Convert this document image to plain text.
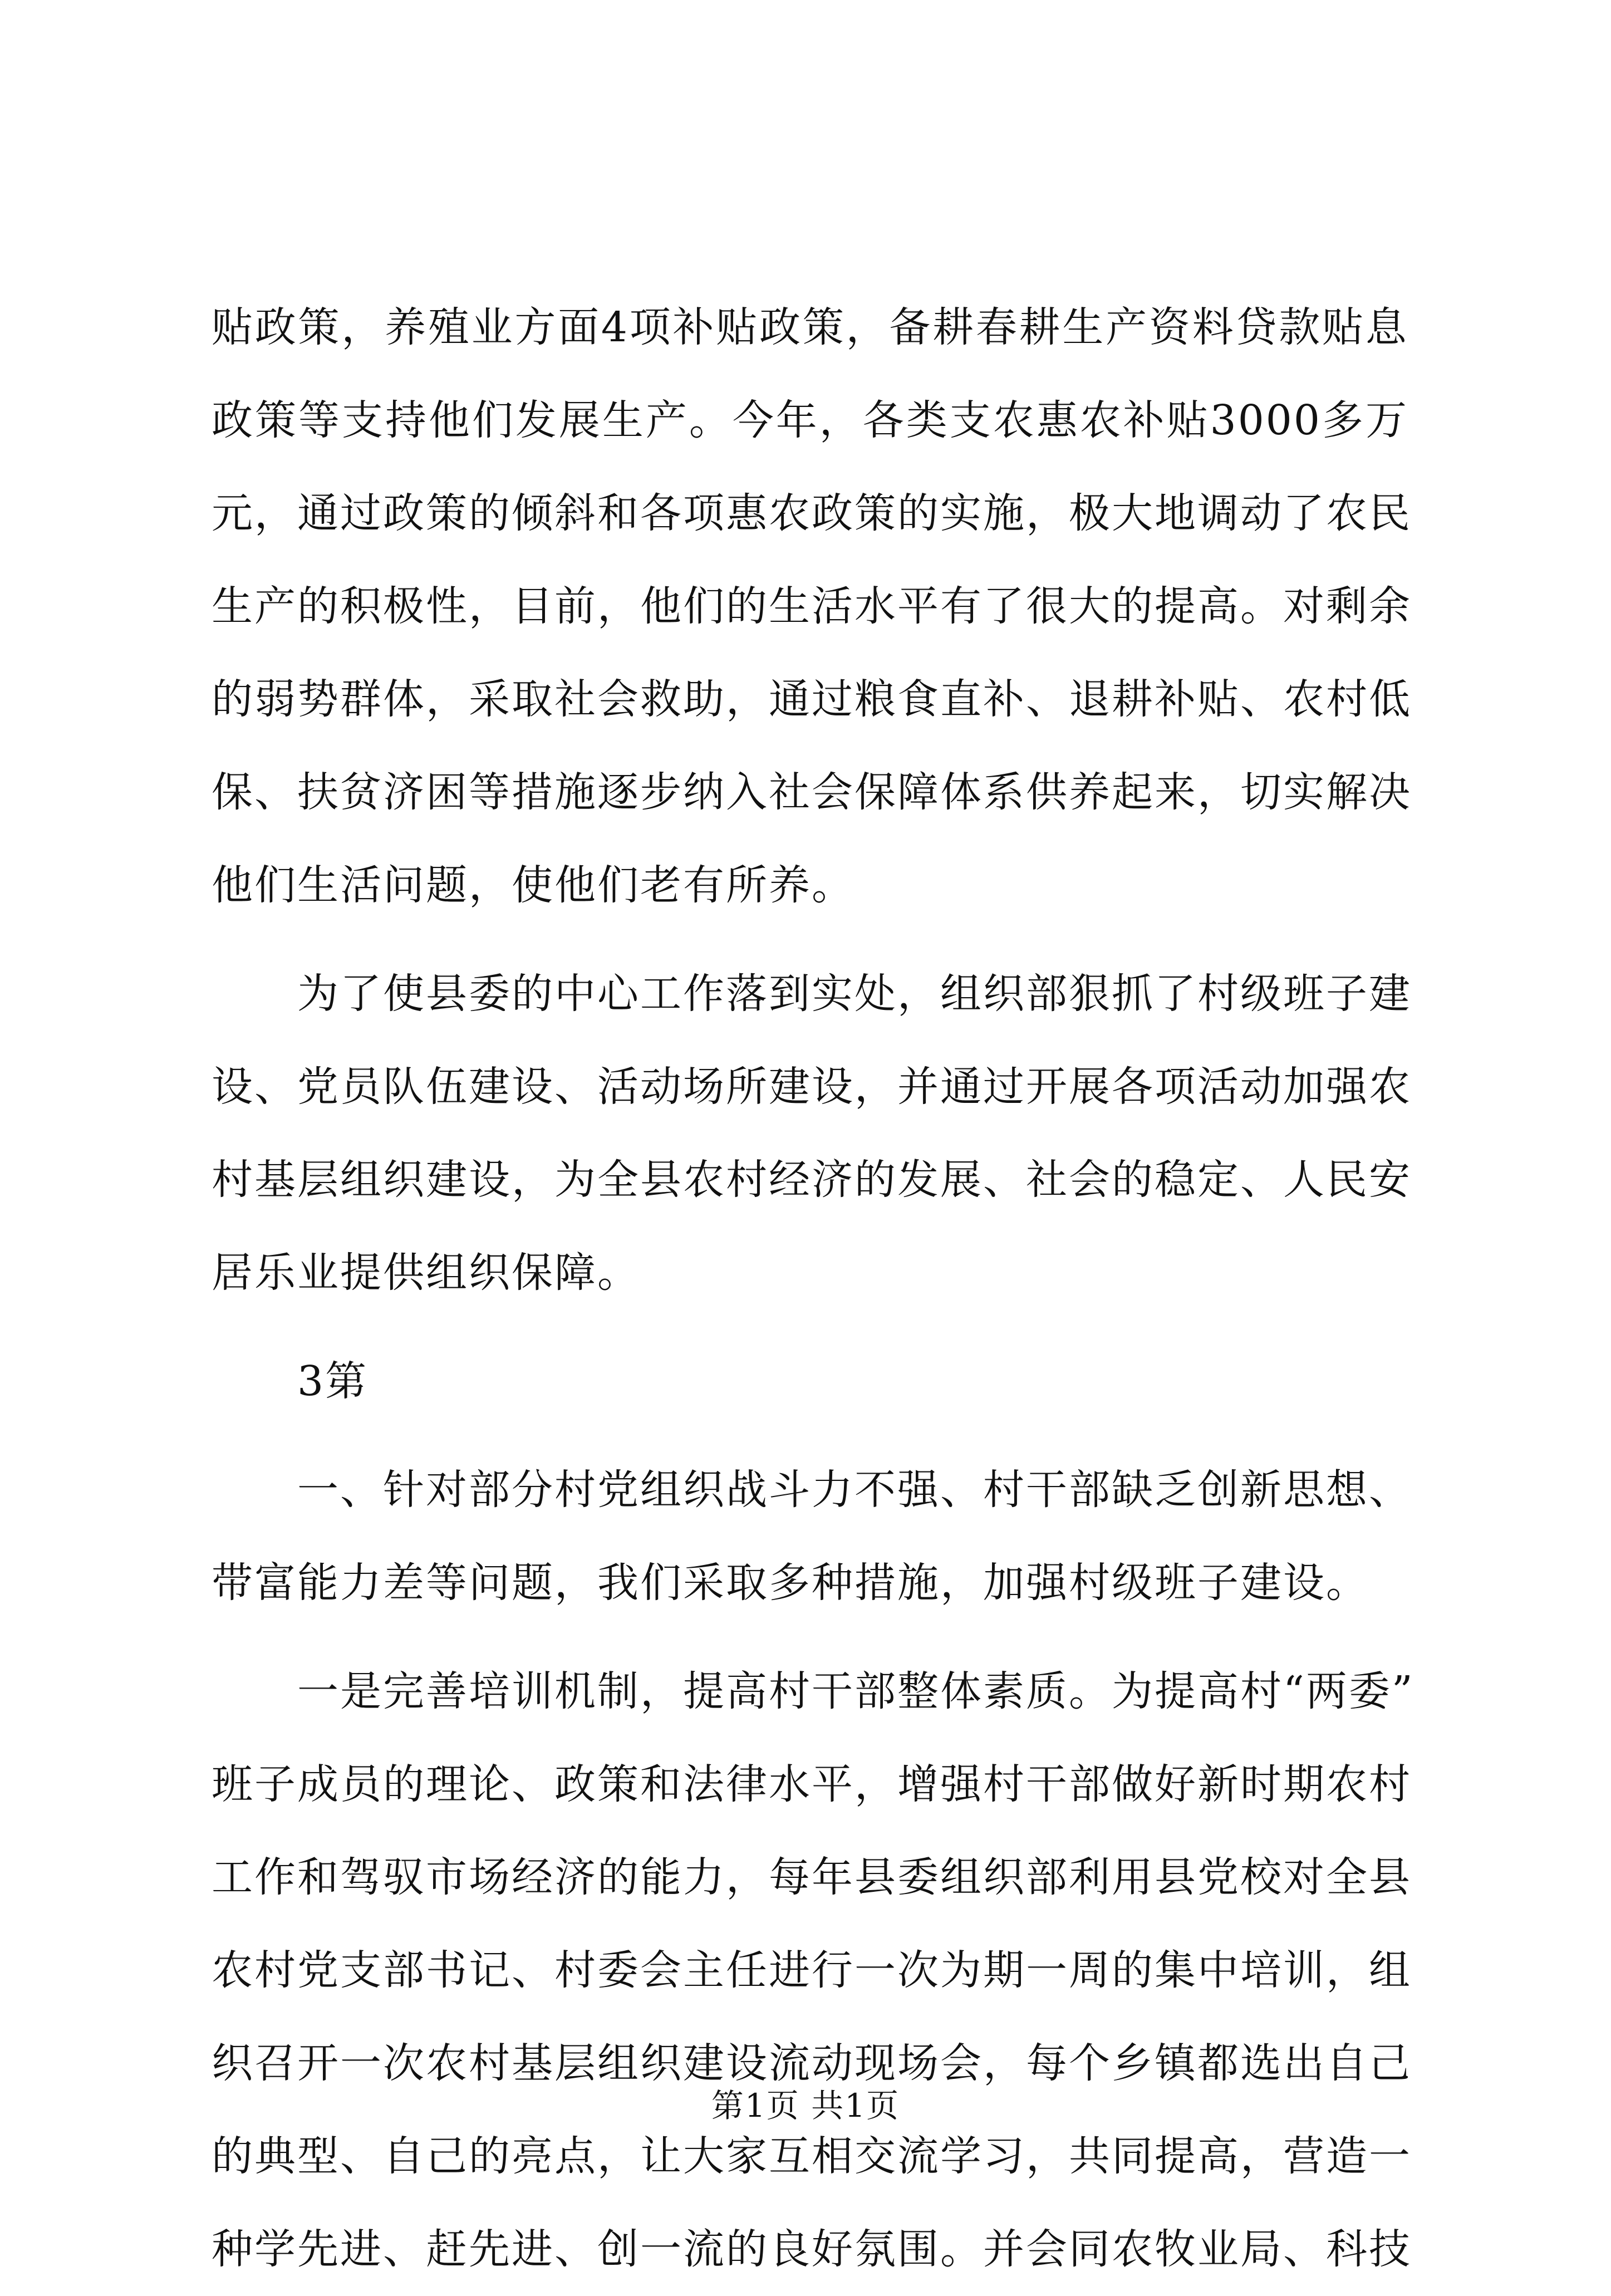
贴 政 策 ， 养 殖 业 方 面 4 项 补 贴 政 策 ， 备 耕 春 耕 生 产 资 料 贷 款 贴 息
政 策 等 支 持 他 们 发 展 生 产 。 今 年 ， 各 类 支 农 惠 农 补 贴 3000 多 万
元 ， 通 过 政 策 的 倾 斜 和 各 项 惠 农 政 策 的 实 施 ， 极 大 地 调 动 了 农 民
生 产 的 积 极 性 ， 目 前 ， 他 们 的 生 活 水 平 有 了 很 大 的 提 高 。 对 剩 余
的 弱 势 群 体 ， 采 取 社 会 救 助 ， 通 过 粮 食 直 补 、 退 耕 补 贴 、 农 村 低
保 、 扶 贫 济 困 等 措 施 逐 步 纳 入 社 会 保 障 体 系 供 养 起 来 ， 切 实 解 决
他们生活问题，使他们老有所养。
为 了 使 县 委 的 中 心 工 作 落 到 实 处 ， 组 织 部 狠 抓 了 村 级 班 子 建
设 、 党 员 队 伍 建 设 、 活 动 场 所 建 设 ， 并 通 过 开 展 各 项 活 动 加 强 农
村 基 层 组 织 建 设 ， 为 全 县 农 村 经 济 的 发 展 、 社 会 的 稳 定 、 人 民 安
居乐业提供组织保障。
3第
一 、 针 对 部 分 村 党 组 织 战 斗 力 不 强 、 村 干 部 缺 乏 创 新 思 想 、
带富能力差等问题，我们采取多种措施，加强村级班子建设。
一 是 完 善 培 训 机 制 ， 提 高 村 干 部 整 体 素 质 。 为 提 高 村 “ 两 委 ”
班 子 成 员 的 理 论 、 政 策 和 法 律 水 平 ， 增 强 村 干 部 做 好 新 时 期 农 村
工 作 和 驾 驭 市 场 经 济 的 能 力 ， 每 年 县 委 组 织 部 利 用 县 党 校 对 全 县
农 村 党 支 部 书 记 、 村 委 会 主 任 进 行 一 次 为 期 一 周 的 集 中 培 训 ， 组
织 召 开 一 次 农 村 基 层 组 织 建 设 流 动 现 场 会 ， 每 个 乡 镇 都 选 出 自 己
的 典 型 、 自 己 的 亮 点 ， 让 大 家 互 相 交 流 学 习 ， 共 同 提 高 ， 营 造 一
种 学 先 进 、 赶 先 进 、 创 一 流 的 良 好 氛 围 。 并 会 同 农 牧 业 局 、 科 技
第1页 共1页
